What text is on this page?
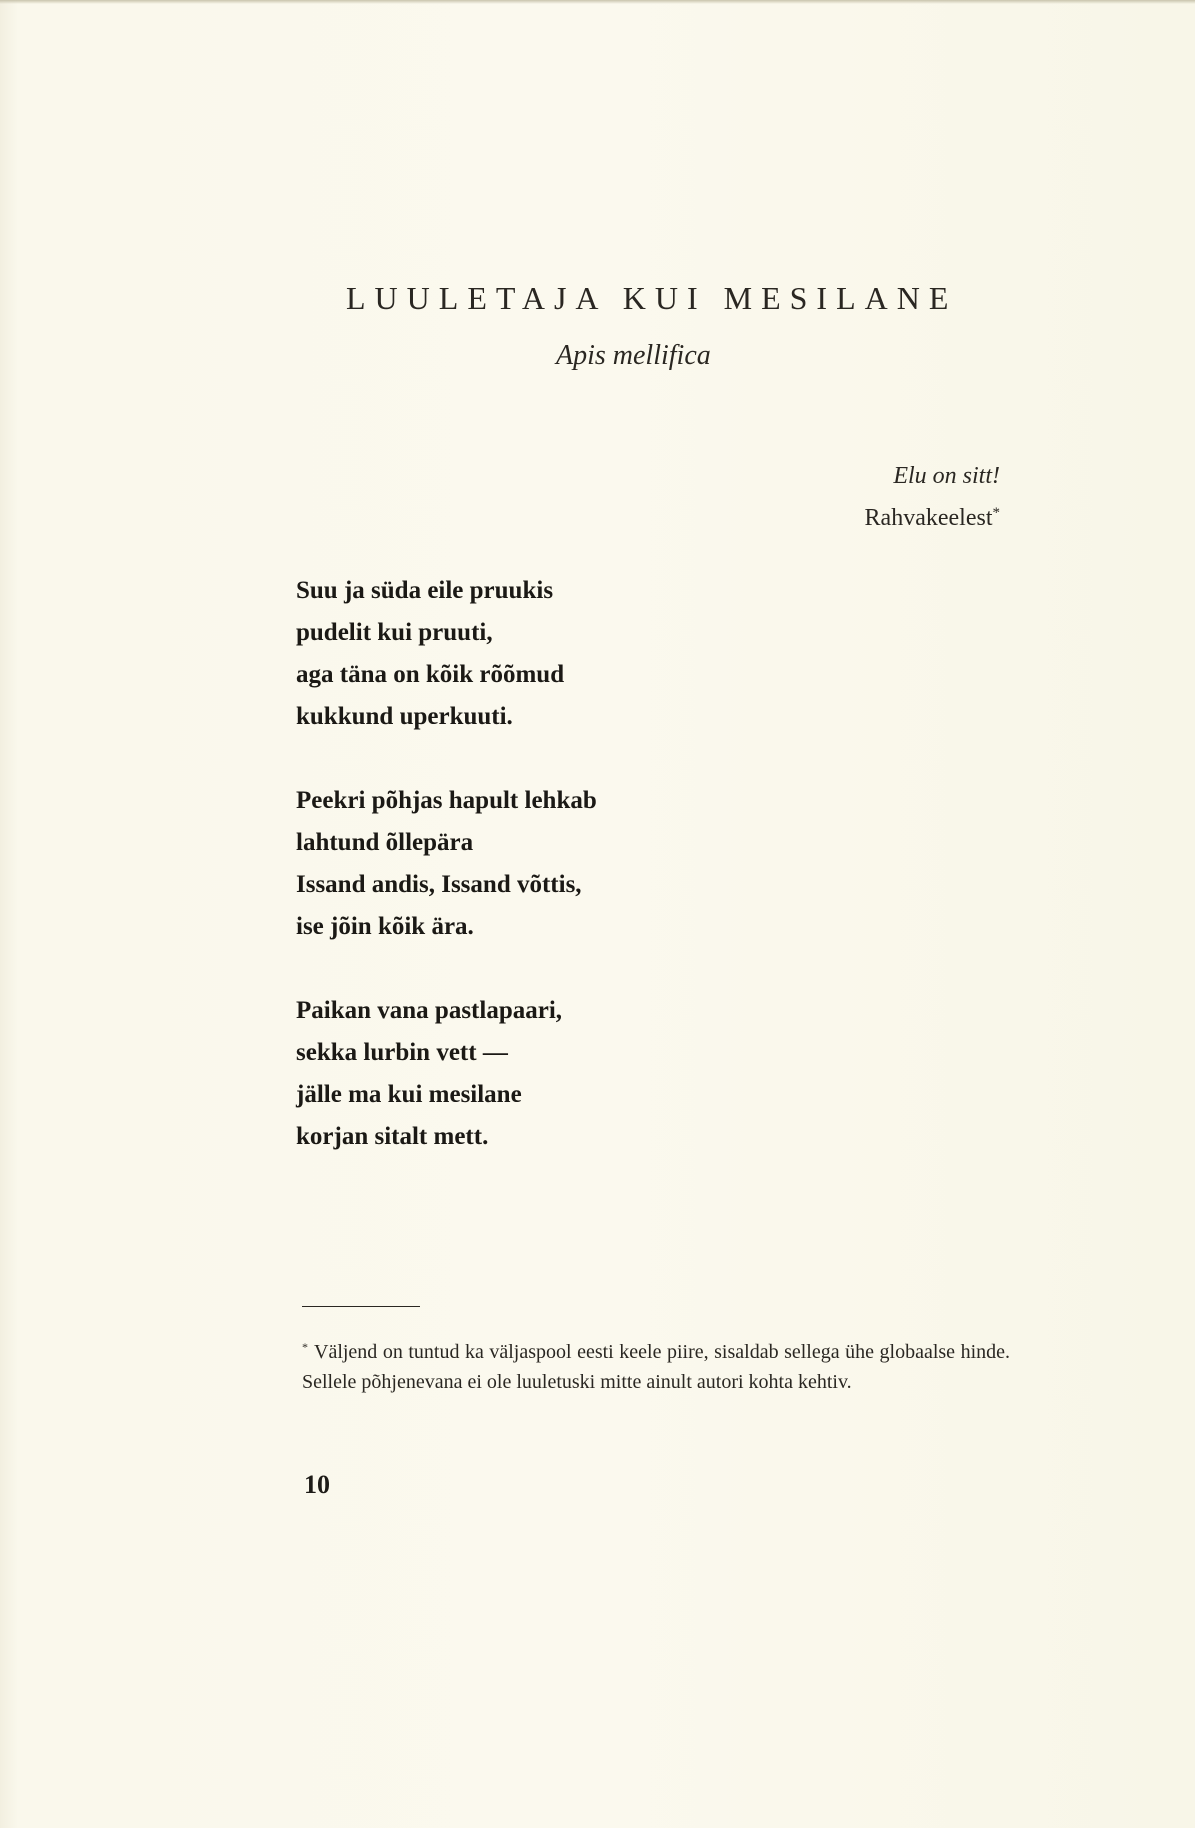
LUULETAJA KUI MESILANE
Apis mellifica
Elu on sitt!
Rahvakeelest*
Suu ja süda eile pruukis
pudelit kui pruuti,
aga täna on kõik rõõmud
kukkund uperkuuti.
Peekri põhjas hapult lehkab
lahtund õllepära
Issand andis, Issand võttis,
ise jõin kõik ära.
Paikan vana pastlapaari,
sekka lurbin vett —
jälle ma kui mesilane
korjan sitalt mett.
* Väljend on tuntud ka väljaspool eesti keele piire, sisaldab sellega ühe globaalse hinde. Sellele põhjenevana ei ole luuletuski mitte ainult autori kohta kehtiv.
10
